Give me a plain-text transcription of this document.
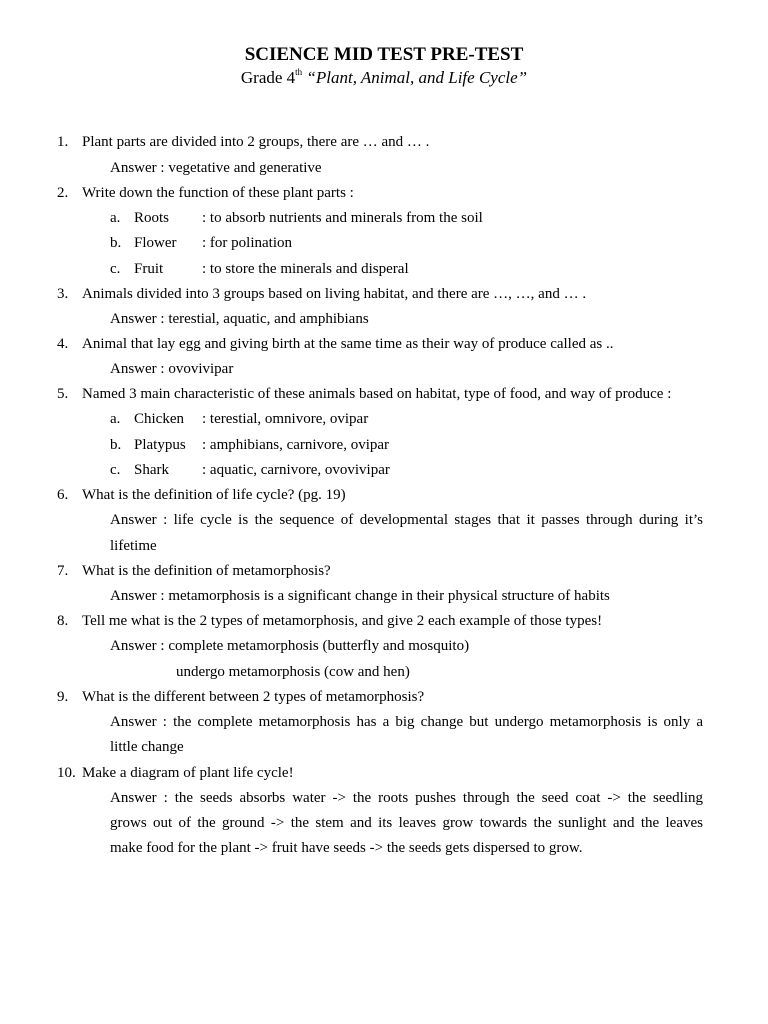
SCIENCE MID TEST PRE-TEST
Grade 4th “Plant, Animal, and Life Cycle”
1. Plant parts are divided into 2 groups, there are … and … .
Answer : vegetative and generative
2. Write down the function of these plant parts :
a. Roots : to absorb nutrients and minerals from the soil
b. Flower : for polination
c. Fruit	: to store the minerals and disperal
3. Animals divided into 3 groups based on living habitat, and there are …, …, and … .
Answer : terestial, aquatic, and amphibians
4. Animal that lay egg and giving birth at the same time as their way of produce called as ..
Answer : ovovivipar
5. Named 3 main characteristic of these animals based on habitat, type of food, and way of produce :
a. Chicken : terestial, omnivore, ovipar
b. Platypus : amphibians, carnivore, ovipar
c. Shark : aquatic, carnivore, ovovivipar
6. What is the definition of life cycle? (pg. 19)
Answer : life cycle is the sequence of developmental stages that it passes through during it’s
lifetime
7. What is the definition of metamorphosis?
Answer : metamorphosis is a significant change in their physical structure of habits
8. Tell me what is the 2 types of metamorphosis, and give 2 each example of those types!
Answer : complete metamorphosis (butterfly and mosquito)
undergo metamorphosis (cow and hen)
9. What is the different between 2 types of metamorphosis?
Answer : the complete metamorphosis has a big change but undergo metamorphosis is only a
little change
10. Make a diagram of plant life cycle!
Answer : the seeds absorbs water -> the roots pushes through the seed coat -> the seedling
grows out of the ground -> the stem and its leaves grow towards the sunlight and the leaves
make food for the plant -> fruit have seeds -> the seeds gets dispersed to grow.
